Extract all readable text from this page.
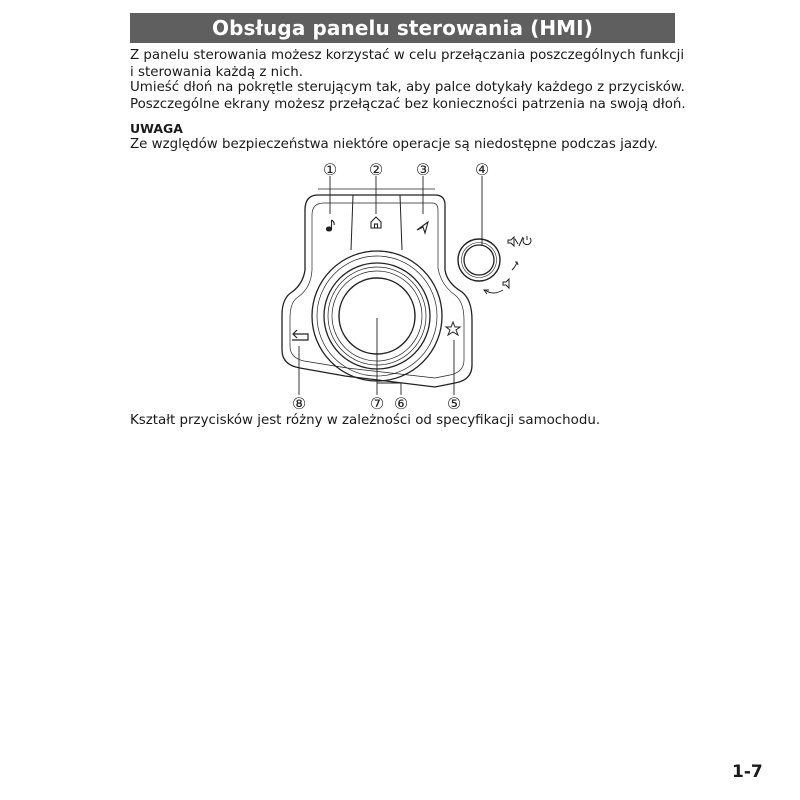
Obsługa panelu sterowania (HMI)

Z panelu sterowania możesz korzystać w celu przełączania poszczególnych funkcji i sterowania każdą z nich.

Umieść dłoń na pokrętle sterującym tak, aby palce dotykały każdego z przycisków.

Poszczególne ekrany możesz przełączać bez konieczności patrzenia na swoją dłoń.

UWAGA

Ze względów bezpieczeństwa niektóre operacje są niedostępne podczas jazdy.

① ② ③	④
⑤
⑥
⑦
⑧

Kształt przycisków jest różny w zależności od specyfikacji samochodu.

1-7
